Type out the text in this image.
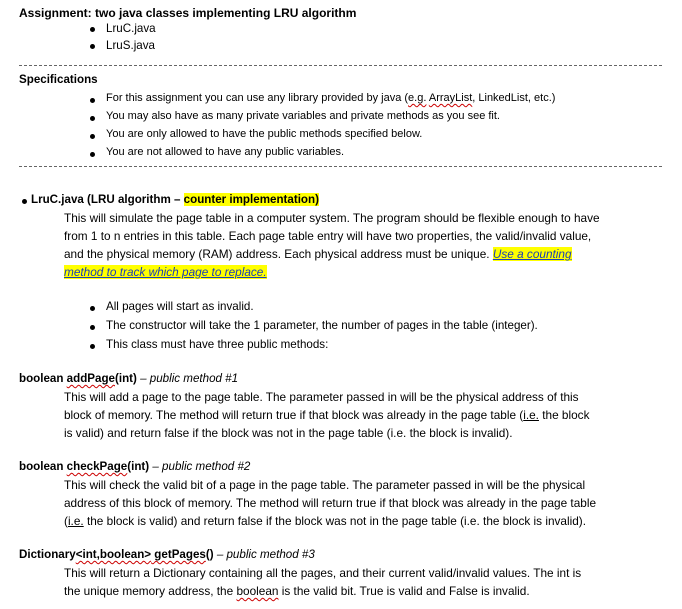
Assignment: two java classes implementing LRU algorithm
LruC.java
LruS.java
Specifications
For this assignment you can use any library provided by java (e.g. ArrayList, LinkedList, etc.)
You may also have as many private variables and private methods as you see fit.
You are only allowed to have the public methods specified below.
You are not allowed to have any public variables.
LruC.java (LRU algorithm – counter implementation)
This will simulate the page table in a computer system. The program should be flexible enough to have
from 1 to n entries in this table. Each page table entry will have two properties, the valid/invalid value,
and the physical memory (RAM) address. Each physical address must be unique. Use a counting
method to track which page to replace.
All pages will start as invalid.
The constructor will take the 1 parameter, the number of pages in the table (integer).
This class must have three public methods:
boolean addPage(int) – public method #1
This will add a page to the page table. The parameter passed in will be the physical address of this
block of memory. The method will return true if that block was already in the page table (i.e. the block
is valid) and return false if the block was not in the page table (i.e. the block is invalid).
boolean checkPage(int) – public method #2
This will check the valid bit of a page in the page table. The parameter passed in will be the physical
address of this block of memory. The method will return true if that block was already in the page table
(i.e. the block is valid) and return false if the block was not in the page table (i.e. the block is invalid).
Dictionary<int,boolean> getPages() – public method #3
This will return a Dictionary containing all the pages, and their current valid/invalid values. The int is
the unique memory address, the boolean is the valid bit. True is valid and False is invalid.
